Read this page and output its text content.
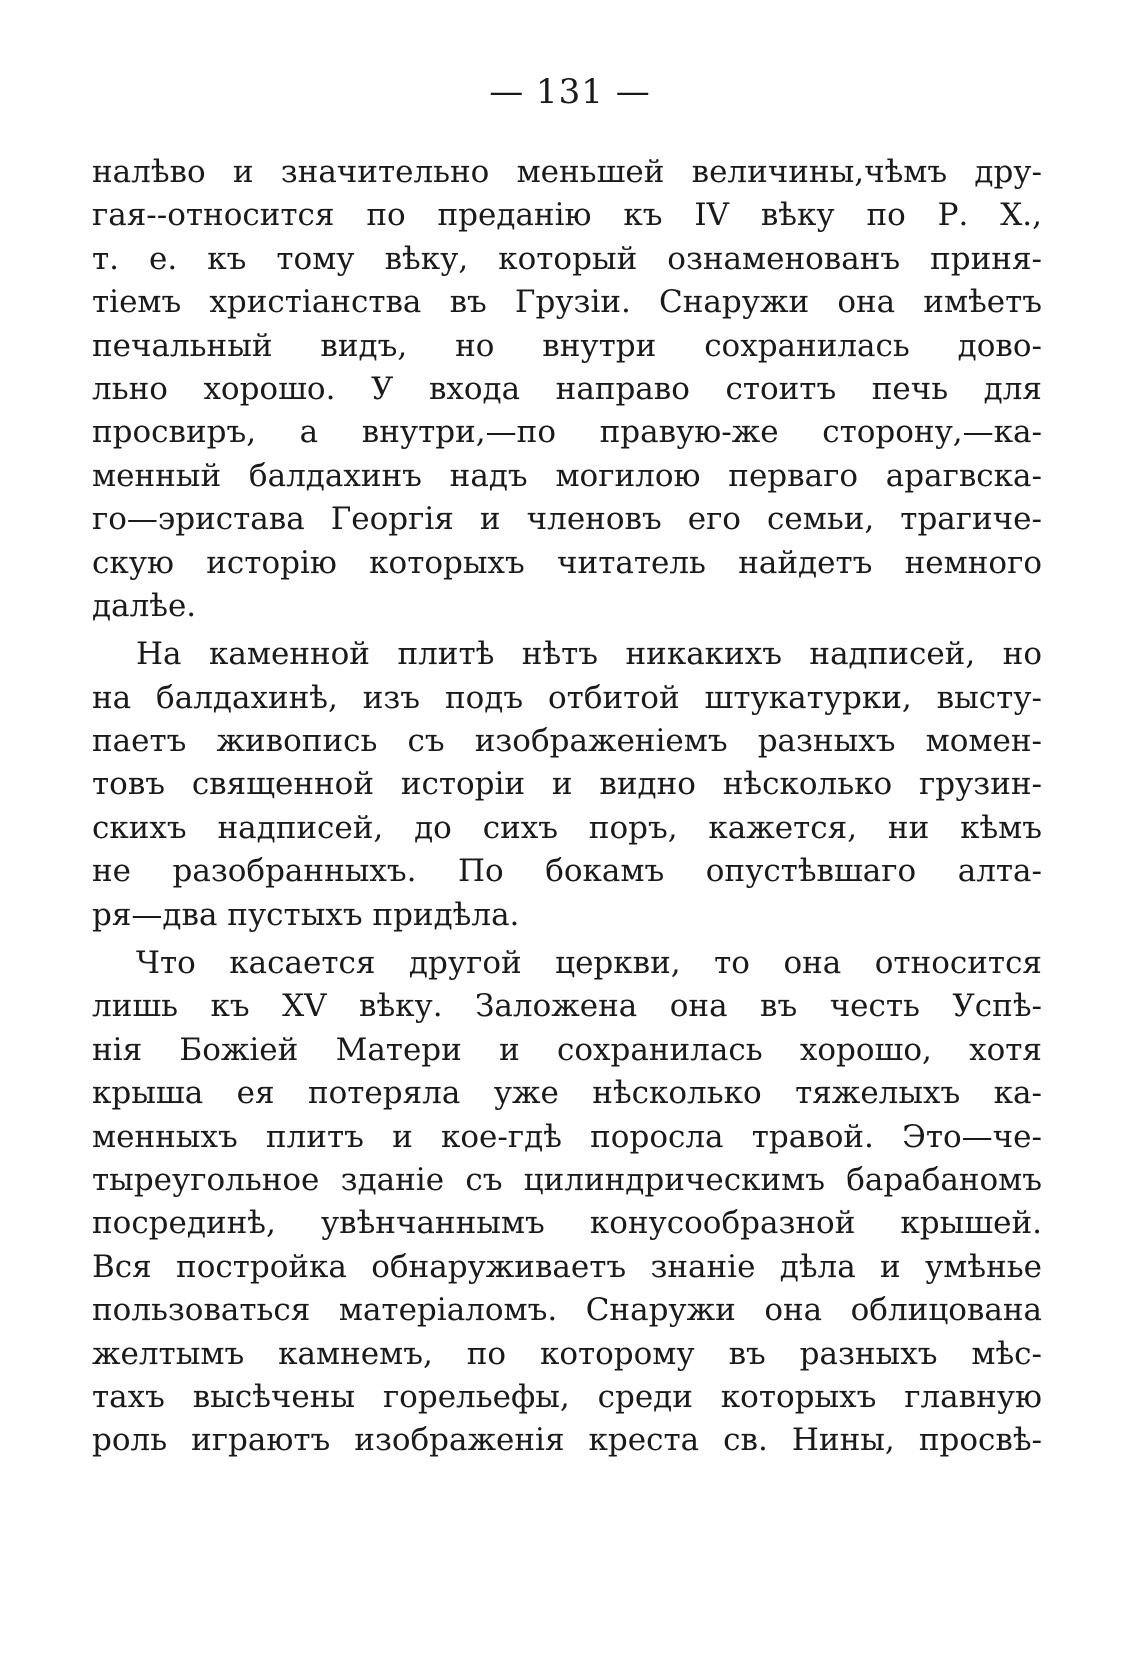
— 131 —
налѣво и значительно меньшей величины,чѣмъ дру-
гая--относится по преданію къ IV вѣку по Р. Х.,
т. е. къ тому вѣку, который ознаменованъ приня-
тіемъ христіанства въ Грузіи. Снаружи она имѣетъ
печальный видъ, но внутри сохранилась дово-
льно хорошо. У входа направо стоитъ печь для
просвиръ, а внутри,—по правую-же сторону,—ка-
менный балдахинъ надъ могилою перваго арагвска-
го—эристава Георгія и членовъ его семьи, трагиче-
скую исторію которыхъ читатель найдетъ немного
далѣе.
На каменной плитѣ нѣтъ никакихъ надписей, но
на балдахинѣ, изъ подъ отбитой штукатурки, высту-
паетъ живопись съ изображеніемъ разныхъ момен-
товъ священной исторіи и видно нѣсколько грузин-
скихъ надписей, до сихъ поръ, кажется, ни кѣмъ
не разобранныхъ. По бокамъ опустѣвшаго алта-
ря—два пустыхъ придѣла.
Что касается другой церкви, то она относится
лишь къ XV вѣку. Заложена она въ честь Успѣ-
нія Божіей Матери и сохранилась хорошо, хотя
крыша ея потеряла уже нѣсколько тяжелыхъ ка-
менныхъ плитъ и кое-гдѣ поросла травой. Это—че-
тыреугольное зданіе съ цилиндрическимъ барабаномъ
посрединѣ, увѣнчаннымъ конусообразной крышей.
Вся постройка обнаруживаетъ знаніе дѣла и умѣнье
пользоваться матеріаломъ. Снаружи она облицована
желтымъ камнемъ, по которому въ разныхъ мѣс-
тахъ высѣчены горельефы, среди которыхъ главную
роль играютъ изображенія креста св. Нины, просвѣ-
